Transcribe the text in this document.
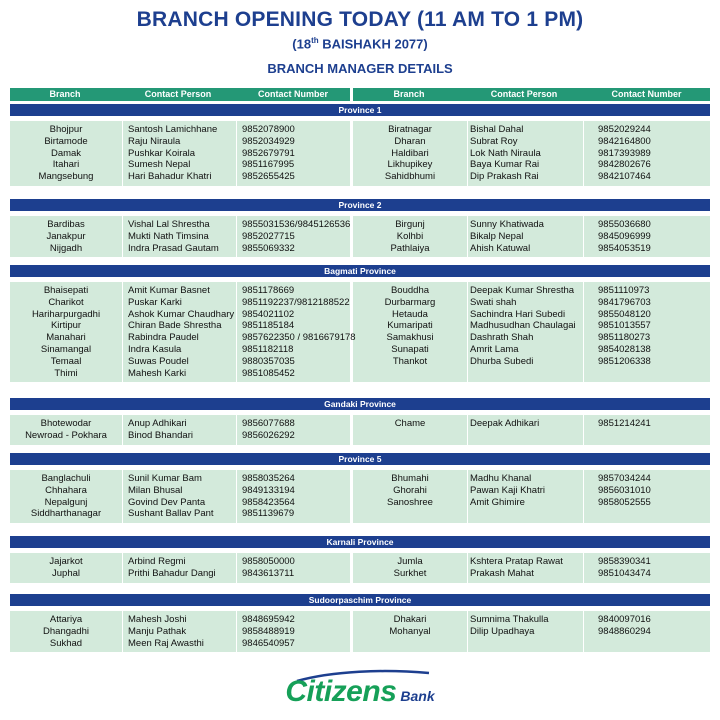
BRANCH OPENING TODAY (11 AM TO 1 PM)
(18th BAISHAKH 2077)
BRANCH MANAGER DETAILS
Branch	Contact Person	Contact Number	Branch	Contact Person	Contact Number
Province 1
Bhojpur	Santosh Lamichhane	9852078900
Birtamode	Raju Niraula	9852034929
Damak	Pushkar Koirala	9852679791
Itahari	Sumesh Nepal	9851167995
Mangsebung	Hari Bahadur Khatri	9852655425
Biratnagar	Bishal Dahal	9852029244
Dharan	Subrat Roy	9842164800
Haldibari	Lok Nath Niraula	9817393989
Likhupikey	Baya Kumar Rai	9842802676
Sahidbhumi	Dip Prakash Rai	9842107464
Province 2
Bardibas	Vishal Lal Shrestha	9855031536/9845126536
Janakpur	Mukti Nath Timsina	9852027715
Nijgadh	Indra Prasad Gautam	9855069332
Birgunj	Sunny Khatiwada	9855036680
Kolhbi	Bikalp Nepal	9845096999
Pathlaiya	Ahish Katuwal	9854053519
Bagmati Province
Bhaisepati	Amit Kumar Basnet	9851178669
Charikot	Puskar Karki	9851192237/9812188522
Hariharpurgadhi	Ashok Kumar Chaudhary 9854021102
Kirtipur	Chiran Bade Shrestha	9851185184
Manahari	Rabindra Paudel	9857622350 / 9816679178
Sinamangal	Indra Kasula	9851182118
Temaal	Suwas Poudel	9880357035
Thimi	Mahesh Karki	9851085452
Bouddha	Deepak Kumar Shrestha	9851110973
Durbarmarg	Swati shah	9841796703
Hetauda	Sachindra Hari Subedi	9855048120
Kumaripati	Madhusudhan Chaulagai	9851013557
Samakhusi	Dashrath Shah	9851180273
Sunapati	Amrit Lama	9854028138
Thankot	Dhurba Subedi	9851206338
Gandaki Province
Bhotewodar	Anup Adhikari	9856077688
Newroad - Pokhara	Binod Bhandari	9856026292
Chame	Deepak Adhikari	9851214241
Province 5
Banglachuli	Sunil Kumar Bam	9858035264
Chhahara	Milan Bhusal	9849133194
Nepalgunj	Govind Dev Panta	9858423564
Siddharthanagar	Sushant Ballav Pant	9851139679
Bhumahi	Madhu Khanal	9857034244
Ghorahi	Pawan Kaji Khatri	9856031010
Sanoshree	Amit Ghimire	9858052555
Karnali Province
Jajarkot	Arbind Regmi	9858050000
Juphal	Prithi Bahadur Dangi	9843613711
Jumla	Kshtera Pratap Rawat	9858390341
Surkhet	Prakash Mahat	9851043474
Sudoorpaschim Province
Attariya	Mahesh Joshi	9848695942
Dhangadhi	Manju Pathak	9858488919
Sukhad	Meen Raj Awasthi	9846540957
Dhakari	Sumnima Thakulla	9840097016
Mohanyal	Dilip Upadhaya	9848860294
Citizens Bank
